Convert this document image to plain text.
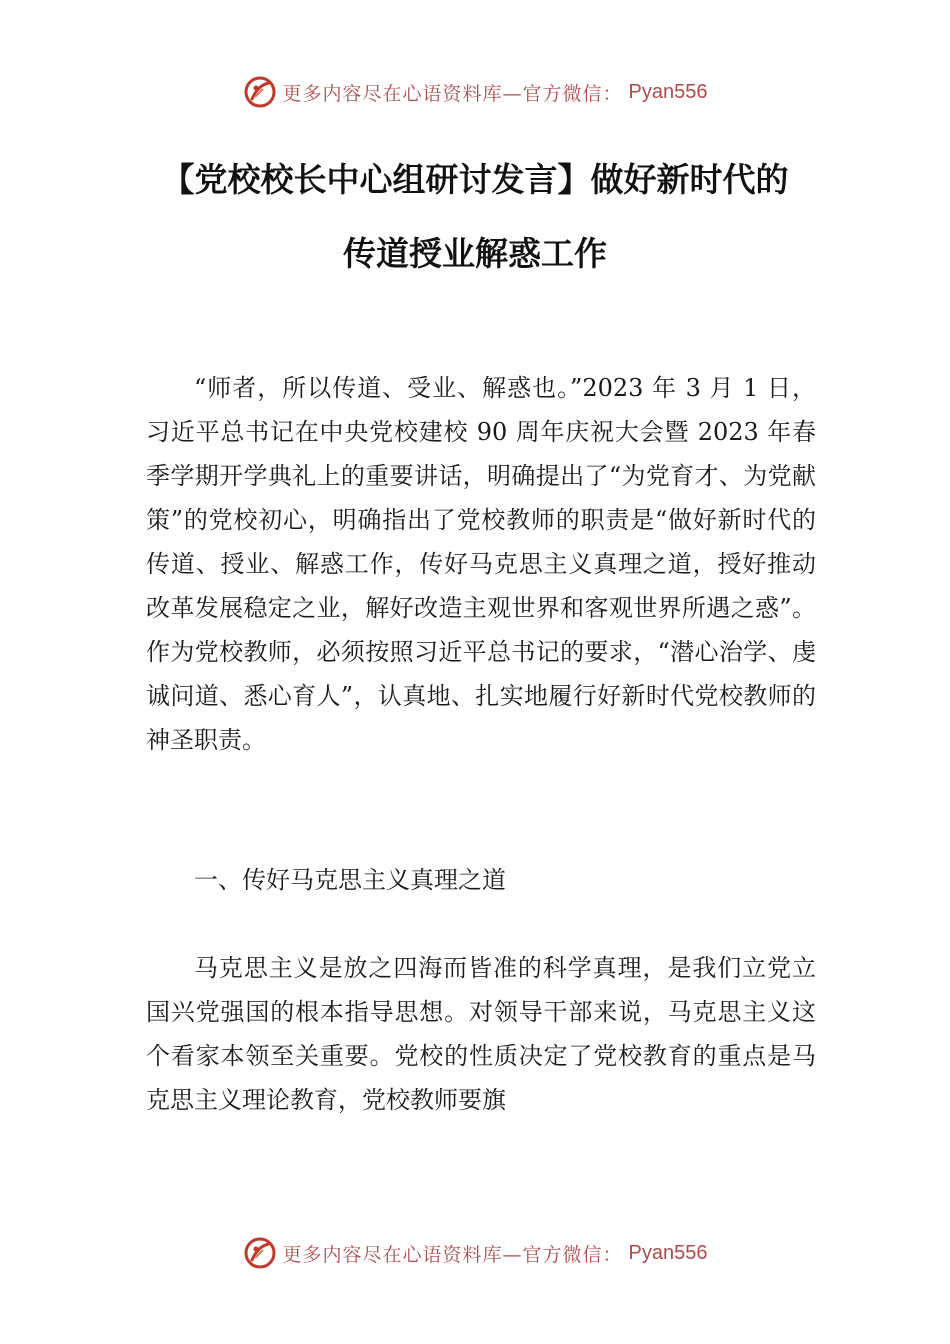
更多内容尽在心语资料库—官方微信： Pyan556
【党校校长中心组研讨发言】做好新时代的
传道授业解惑工作

“师者，所以传道、受业、解惑也。”2023 年 3 月 1 日，习近平总书记在中央党校建校 90 周年庆祝大会暨 2023 年春季学期开学典礼上的重要讲话，明确提出了“为党育才、为党献策”的党校初心，明确指出了党校教师的职责是“做好新时代的传道、授业、解惑工作，传好马克思主义真理之道，授好推动改革发展稳定之业，解好改造主观世界和客观世界所遇之惑”。作为党校教师，必须按照习近平总书记的要求，“潜心治学、虔诚问道、悉心育人”，认真地、扎实地履行好新时代党校教师的神圣职责。

一、传好马克思主义真理之道

马克思主义是放之四海而皆准的科学真理，是我们立党立国兴党强国的根本指导思想。对领导干部来说，马克思主义这个看家本领至关重要。党校的性质决定了党校教育的重点是马克思主义理论教育，党校教师要旗

更多内容尽在心语资料库—官方微信： Pyan556
